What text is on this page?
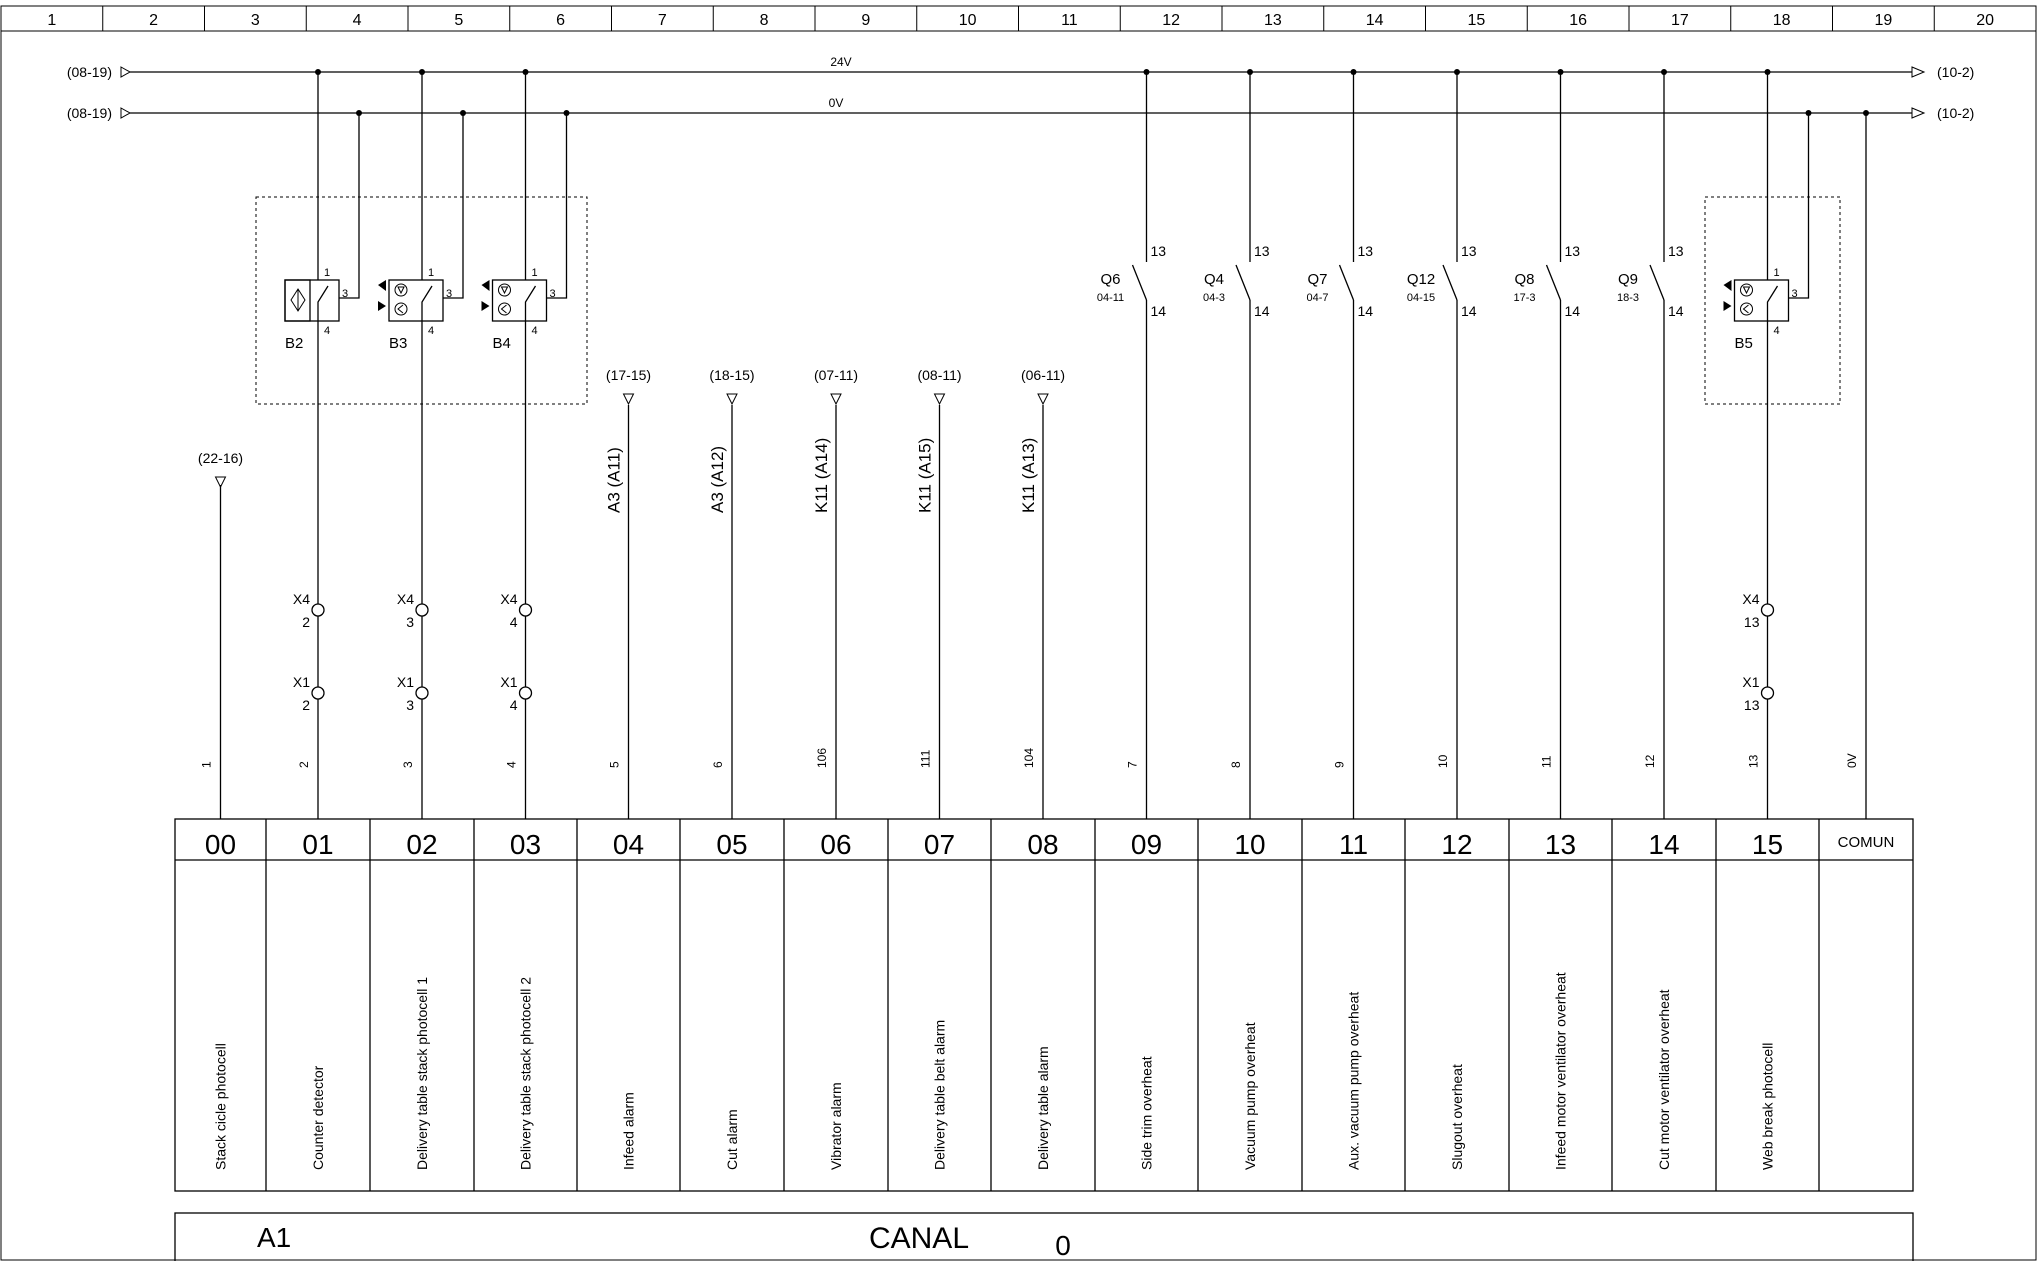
1	2	3	4	5	6	7	8	9	10	11	12	13	14	15	16	17	18	19	20
(08-19)	(10-2)
24V
(08-19)	(10-2)
0V
1
3
4
B2
1
3
4
B3
1
3
4
B4
1
3
4
B5
13
14
Q6
04-11
13
14
Q4
04-3
13
14
Q7
04-7
13
14
Q12
04-15
13
14
Q8
17-3
13
14
Q9
18-3
(22-16)
(17-15)
A3 (A11)
(18-15)
A3 (A12)
(07-11)
K11 (A14)
(08-11)
K11 (A15)
(06-11)
K11 (A13)
X4
2
X4
3
X4
4
X4
13
X1
2
X1
3
X1
4
X1
13
1	2	3	4	5	6	106	111	104	7	8	9	10	11	12	13	0V
00
Stack cicle photocell
01
Counter detector
02
Delivery table stack photocell 1
03
Delivery table stack photocell 2
04
Infeed alarm
05
Cut alarm
06
Vibrator alarm
07
Delivery table belt alarm
08
Delivery table alarm
09
Side trim overheat
10
Vacuum pump overheat
11
Aux. vacuum pump overheat
12
Slugout overheat
13
Infeed motor ventilator overheat
14
Cut motor ventilator overheat
15
Web break photocell
COMUN
A1	CANAL	0
